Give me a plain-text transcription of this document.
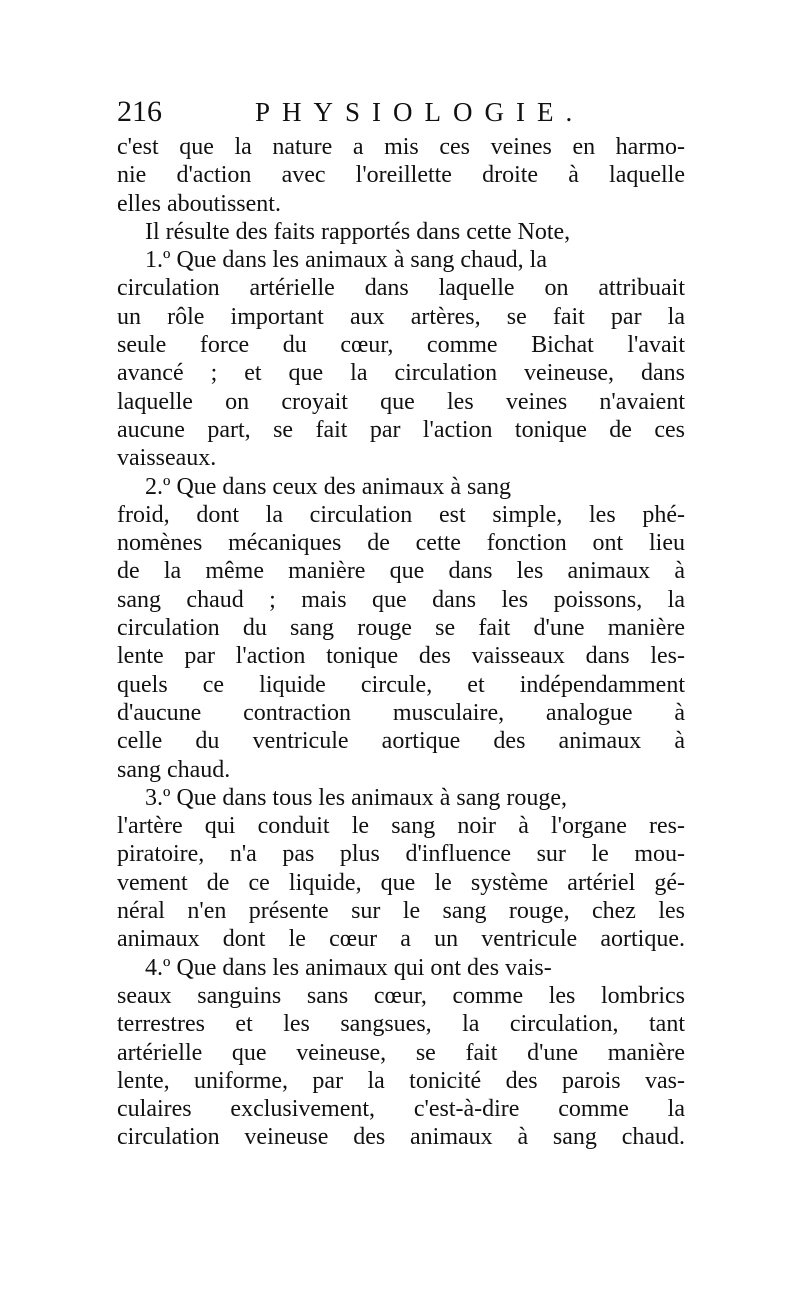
216	PHYSIOLOGIE.
c'est que la nature a mis ces veines en harmo-
nie d'action avec l'oreillette droite à laquelle
elles aboutissent.
Il résulte des faits rapportés dans cette Note,
1.º Que dans les animaux à sang chaud, la
circulation artérielle dans laquelle on attribuait
un rôle important aux artères, se fait par la
seule force du cœur, comme Bichat l'avait
avancé ; et que la circulation veineuse, dans
laquelle on croyait que les veines n'avaient
aucune part, se fait par l'action tonique de ces
vaisseaux.
2.º Que dans ceux des animaux à sang
froid, dont la circulation est simple, les phé-
nomènes mécaniques de cette fonction ont lieu
de la même manière que dans les animaux à
sang chaud ; mais que dans les poissons, la
circulation du sang rouge se fait d'une manière
lente par l'action tonique des vaisseaux dans les-
quels ce liquide circule, et indépendamment
d'aucune contraction musculaire, analogue à
celle du ventricule aortique des animaux à
sang chaud.
3.º Que dans tous les animaux à sang rouge,
l'artère qui conduit le sang noir à l'organe res-
piratoire, n'a pas plus d'influence sur le mou-
vement de ce liquide, que le système artériel gé-
néral n'en présente sur le sang rouge, chez les
animaux dont le cœur a un ventricule aortique.
4.º Que dans les animaux qui ont des vais-
seaux sanguins sans cœur, comme les lombrics
terrestres et les sangsues, la circulation, tant
artérielle que veineuse, se fait d'une manière
lente, uniforme, par la tonicité des parois vas-
culaires exclusivement, c'est-à-dire comme la
circulation veineuse des animaux à sang chaud.
